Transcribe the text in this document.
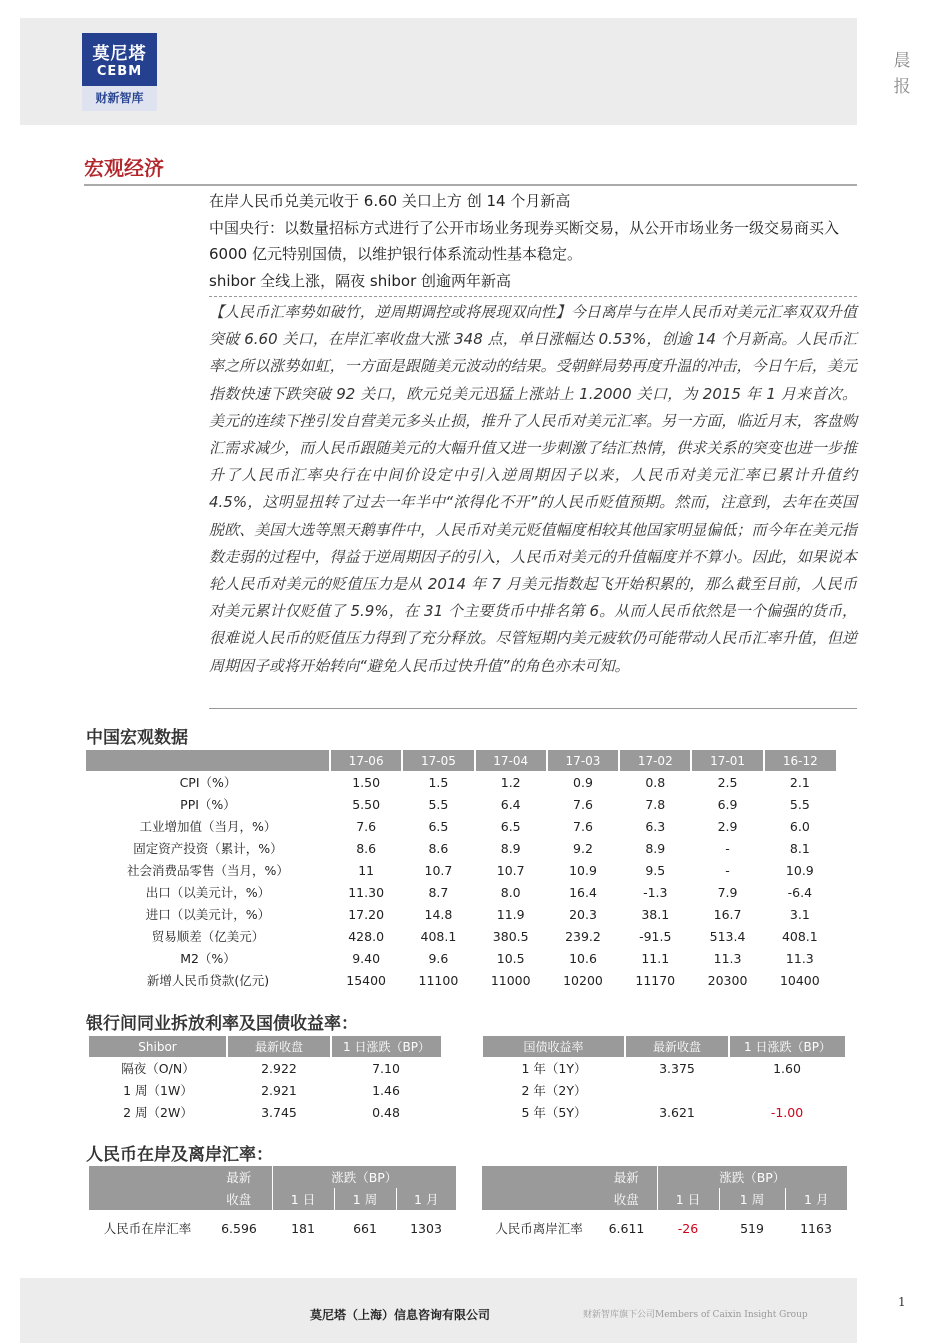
莫尼塔
CEBM
财新智库
晨
报
宏观经济

在岸人民币兑美元收于 6.60 关口上方 创 14 个月新高

中国央行：以数量招标方式进行了公开市场业务现券买断交易，从公开市场业务一级交易商买入 6000 亿元特别国债，以维护银行体系流动性基本稳定。

shibor 全线上涨，隔夜 shibor 创逾两年新高

【人民币汇率势如破竹，逆周期调控或将展现双向性】今日离岸与在岸人民币对美元汇率双双升值突破 6.60 关口，在岸汇率收盘大涨 348 点，单日涨幅达 0.53%，创逾 14 个月新高。人民币汇率之所以涨势如虹，一方面是跟随美元波动的结果。受朝鲜局势再度升温的冲击，今日午后，美元指数快速下跌突破 92 关口，欧元兑美元迅猛上涨站上 1.2000 关口，为 2015 年 1 月来首次。美元的连续下挫引发自营美元多头止损，推升了人民币对美元汇率。另一方面，临近月末，客盘购汇需求减少，而人民币跟随美元的大幅升值又进一步刺激了结汇热情，供求关系的突变也进一步推升了人民币汇率央行在中间价设定中引入逆周期因子以来，人民币对美元汇率已累计升值约 4.5%，这明显扭转了过去一年半中“浓得化不开”的人民币贬值预期。然而，注意到，去年在英国脱欧、美国大选等黑天鹅事件中，人民币对美元贬值幅度相较其他国家明显偏低；而今年在美元指数走弱的过程中，得益于逆周期因子的引入，人民币对美元的升值幅度并不算小。因此，如果说本轮人民币对美元的贬值压力是从 2014 年 7 月美元指数起飞开始积累的，那么截至目前，人民币对美元累计仅贬值了 5.9%，在 31 个主要货币中排名第 6。从而人民币依然是一个偏强的货币，很难说人民币的贬值压力得到了充分释放。尽管短期内美元疲软仍可能带动人民币汇率升值，但逆周期因子或将开始转向“避免人民币过快升值”的角色亦未可知。
中国宏观数据
	17-06	17-05	17-04	17-03	17-02	17-01	16-12
CPI（%）	1.50	1.5	1.2	0.9	0.8	2.5	2.1
PPI（%）	5.50	5.5	6.4	7.6	7.8	6.9	5.5
工业增加值（当月，%）	7.6	6.5	6.5	7.6	6.3	2.9	6.0
固定资产投资（累计，%）	8.6	8.6	8.9	9.2	8.9	-	8.1
社会消费品零售（当月，%）	11	10.7	10.7	10.9	9.5	-	10.9
出口（以美元计，%）	11.30	8.7	8.0	16.4	-1.3	7.9	-6.4
进口（以美元计，%）	17.20	14.8	11.9	20.3	38.1	16.7	3.1
贸易顺差（亿美元）	428.0	408.1	380.5	239.2	-91.5	513.4	408.1
M2（%）	9.40	9.6	10.5	10.6	11.1	11.3	11.3
新增人民币贷款(亿元)	15400	11100	11000	10200	11170	20300	10400
银行间同业拆放利率及国债收益率：
Shibor	最新收盘	1 日涨跌（BP）
隔夜（O/N）	2.922	7.10
1 周（1W）	2.921	1.46
2 周（2W）	3.745	0.48
国债收益率	最新收盘	1 日涨跌（BP）
1 年（1Y）	3.375	1.60
2 年（2Y）		
5 年（5Y）	3.621	-1.00
人民币在岸及离岸汇率：
	最新	涨跌（BP）		
	收盘	1 日	1 周	1 月
人民币在岸汇率	6.596	181	661	1303
	最新	涨跌（BP）		
	收盘	1 日	1 周	1 月
人民币离岸汇率	6.611	-26	519	1163
莫尼塔（上海）信息咨询有限公司	财新智库旗下公司Members of Caixin Insight Group
1
